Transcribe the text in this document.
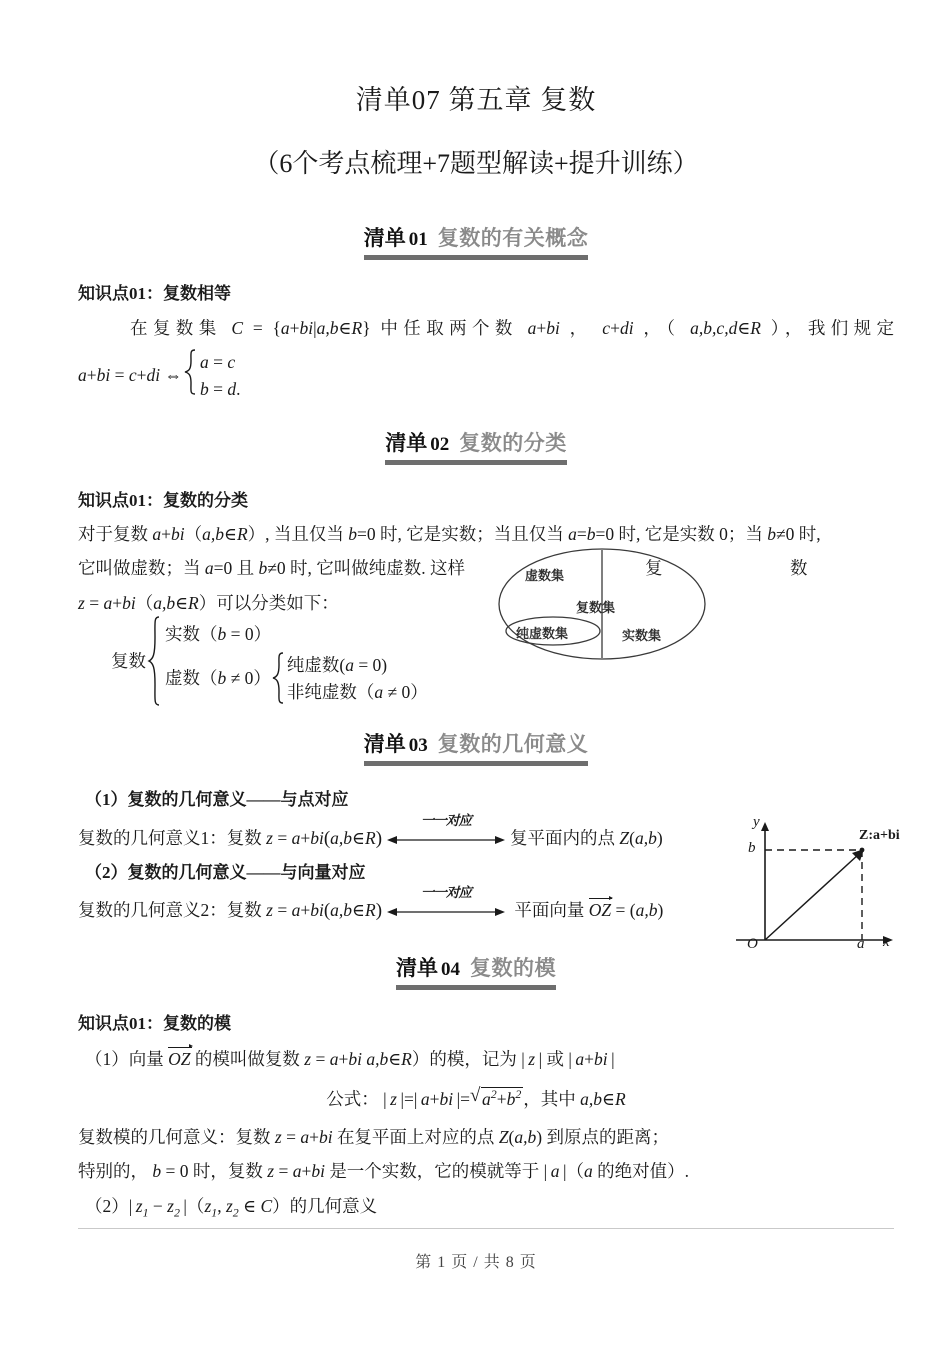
清单07 第五章 复数
（6个考点梳理+7题型解读+提升训练）
清单 01 复数的有关概念
知识点01：复数相等
在复数集 C = {a+bi|a,b∈R} 中任取两个数 a+bi ， c+di ，（ a,b,c,d∈R ），我们规定
a+bi = c+di ⇔
a = c
b = d.
清单 02 复数的分类
知识点01：复数的分类
对于复数 a+bi（a,b∈R）, 当且仅当 b=0 时, 它是实数；当且仅当 a=b=0 时, 它是实数 0；当 b≠0 时,
它叫做虚数；当 a=0 且 b≠0 时, 它叫做纯虚数. 这样	复	数
z = a+bi（a,b∈R）可以分类如下：
复数
实数（b = 0）
虚数（b ≠ 0）
纯虚数(a = 0)
非纯虚数（a ≠ 0）
虚数集
复数集
纯虚数集	实数集
清单 03 复数的几何意义
（1）复数的几何意义——与点对应
复数的几何意义1：复数 z = a+bi(a,b∈R)
一一对应
复平面内的点 Z(a,b)
（2）复数的几何意义——与向量对应
复数的几何意义2：复数 z = a+bi(a,b∈R)
一一对应
平面向量 OZ = (a,b)
y
x
O	a
b
Z:a+bi
清单 04 复数的模
知识点01：复数的模
（1）向量 OZ 的模叫做复数 z = a+bi a,b∈R）的模，记为 | z | 或 | a+bi |
公式： | z |=| a+bi |= √ $a^2+b^2$ ，其中 a,b∈R
复数模的几何意义：复数 z = a+bi 在复平面上对应的点 Z(a,b) 到原点的距离；
特别的， b = 0 时，复数 z = a+bi 是一个实数，它的模就等于 | a |（a 的绝对值）.
（2）| $z_1 - z_2$ $|(z_1$, $z_2$ ∈ C）的几何意义
第 1 页 / 共 8 页
